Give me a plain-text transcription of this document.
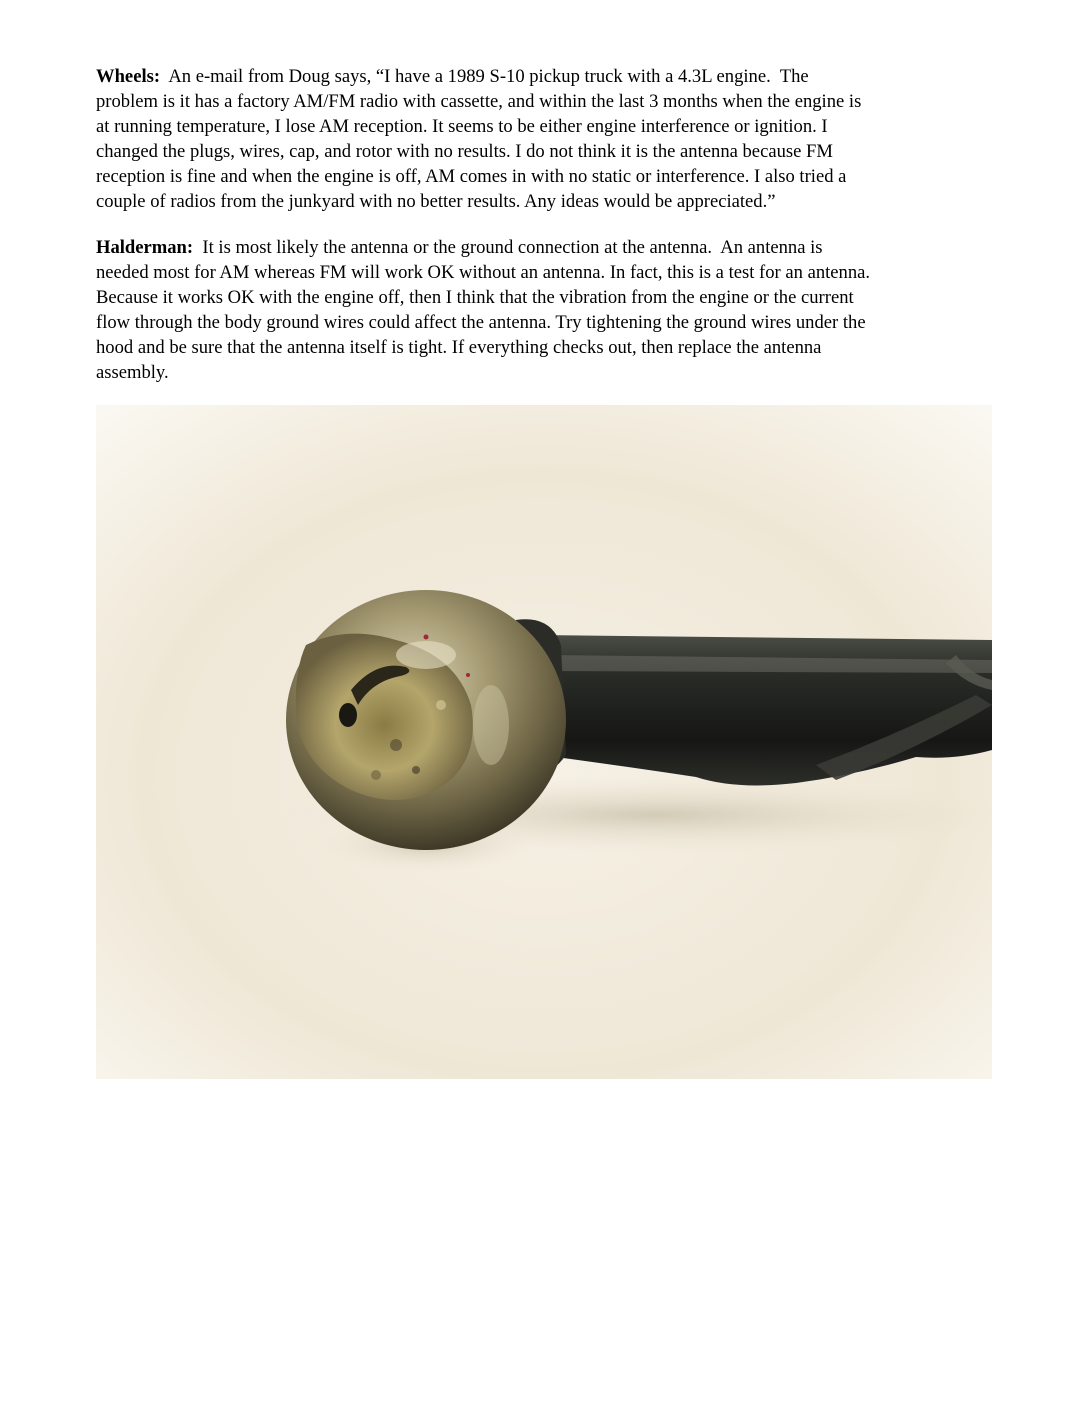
Wheels:  An e-mail from Doug says, “I have a 1989 S-10 pickup truck with a 4.3L engine.  The
problem is it has a factory AM/FM radio with cassette, and within the last 3 months when the engine is
at running temperature, I lose AM reception. It seems to be either engine interference or ignition. I
changed the plugs, wires, cap, and rotor with no results. I do not think it is the antenna because FM
reception is fine and when the engine is off, AM comes in with no static or interference. I also tried a
couple of radios from the junkyard with no better results. Any ideas would be appreciated.”
Halderman:  It is most likely the antenna or the ground connection at the antenna.  An antenna is
needed most for AM whereas FM will work OK without an antenna. In fact, this is a test for an antenna.
Because it works OK with the engine off, then I think that the vibration from the engine or the current
flow through the body ground wires could affect the antenna. Try tightening the ground wires under the
hood and be sure that the antenna itself is tight. If everything checks out, then replace the antenna
assembly.
